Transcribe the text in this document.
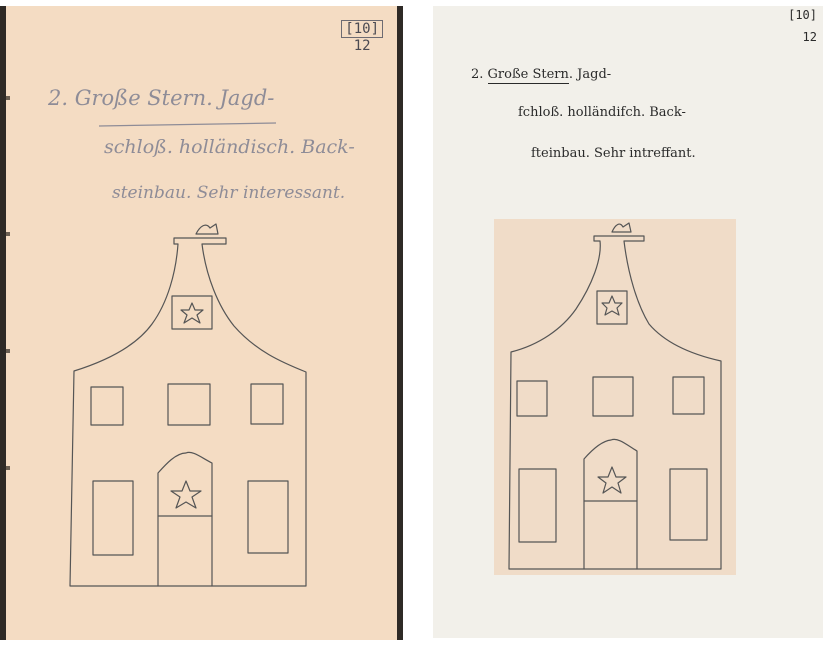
[10]
12
2. Große Stern. Jagd-
schloß. holländisch. Back-
steinbau. Sehr interessant.
[10]
12
2. Große Stern. Jagd-
fchloß. holländifch. Back-
fteinbau. Sehr intreffant.
